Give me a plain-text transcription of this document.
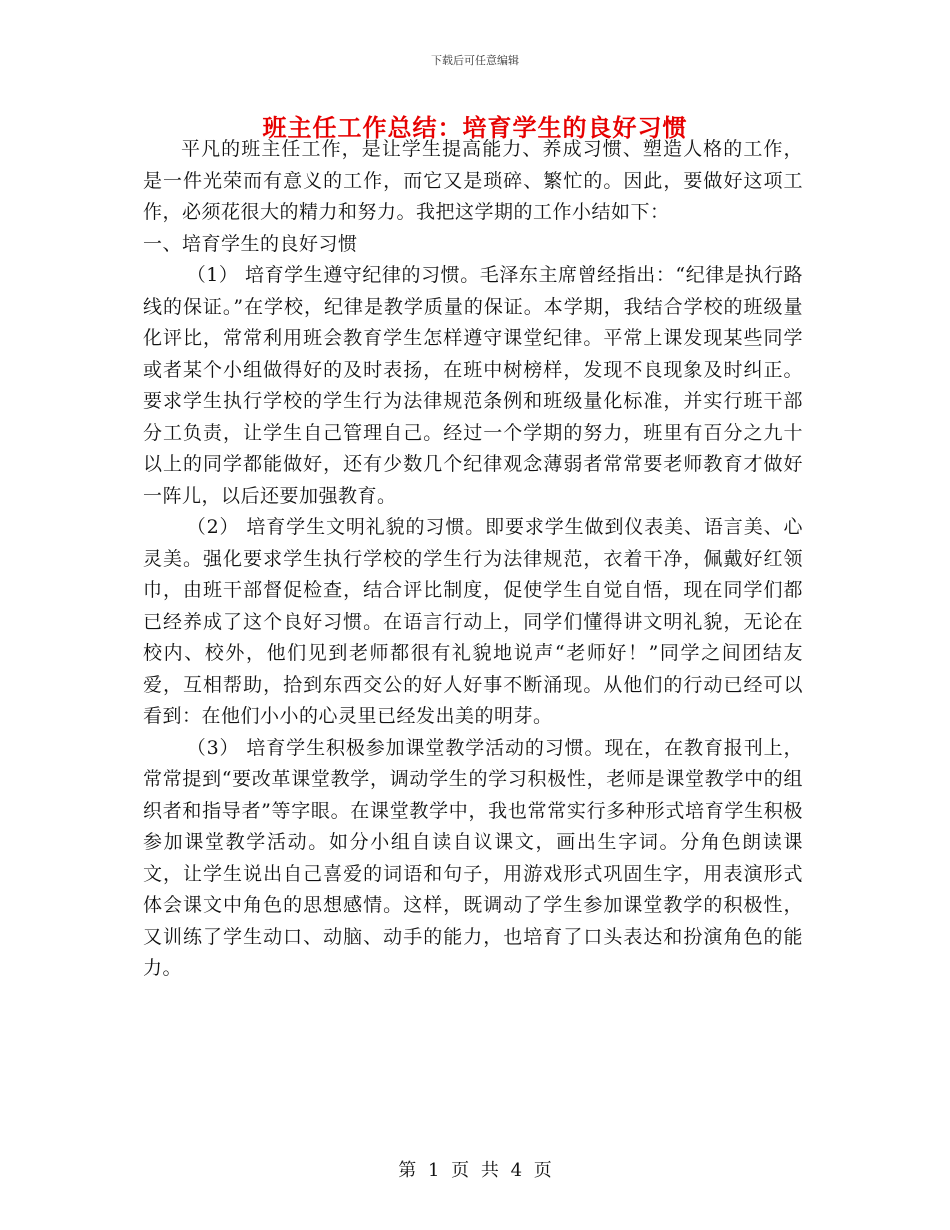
下载后可任意编辑
班主任工作总结：培育学生的良好习惯

平凡的班主任工作，是让学生提高能力、养成习惯、塑造人格的工作，是一件光荣而有意义的工作，而它又是琐碎、繁忙的。因此，要做好这项工作，必须花很大的精力和努力。我把这学期的工作小结如下：

一、培育学生的良好习惯

（1） 培育学生遵守纪律的习惯。毛泽东主席曾经指出：“纪律是执行路线的保证。”在学校，纪律是教学质量的保证。本学期，我结合学校的班级量化评比，常常利用班会教育学生怎样遵守课堂纪律。平常上课发现某些同学或者某个小组做得好的及时表扬，在班中树榜样，发现不良现象及时纠正。要求学生执行学校的学生行为法律规范条例和班级量化标准，并实行班干部分工负责，让学生自己管理自己。经过一个学期的努力，班里有百分之九十以上的同学都能做好，还有少数几个纪律观念薄弱者常常要老师教育才做好一阵儿，以后还要加强教育。

（2） 培育学生文明礼貌的习惯。即要求学生做到仪表美、语言美、心灵美。强化要求学生执行学校的学生行为法律规范，衣着干净，佩戴好红领巾，由班干部督促检查，结合评比制度，促使学生自觉自悟，现在同学们都已经养成了这个良好习惯。在语言行动上，同学们懂得讲文明礼貌，无论在校内、校外，他们见到老师都很有礼貌地说声“老师好！”同学之间团结友爱，互相帮助，拾到东西交公的好人好事不断涌现。从他们的行动已经可以看到：在他们小小的心灵里已经发出美的明芽。

（3） 培育学生积极参加课堂教学活动的习惯。现在，在教育报刊上，常常提到“要改革课堂教学，调动学生的学习积极性，老师是课堂教学中的组织者和指导者”等字眼。在课堂教学中，我也常常实行多种形式培育学生积极参加课堂教学活动。如分小组自读自议课文，画出生字词。分角色朗读课文，让学生说出自己喜爱的词语和句子，用游戏形式巩固生字，用表演形式体会课文中角色的思想感情。这样，既调动了学生参加课堂教学的积极性，又训练了学生动口、动脑、动手的能力，也培育了口头表达和扮演角色的能力。

第 1 页 共 4 页
